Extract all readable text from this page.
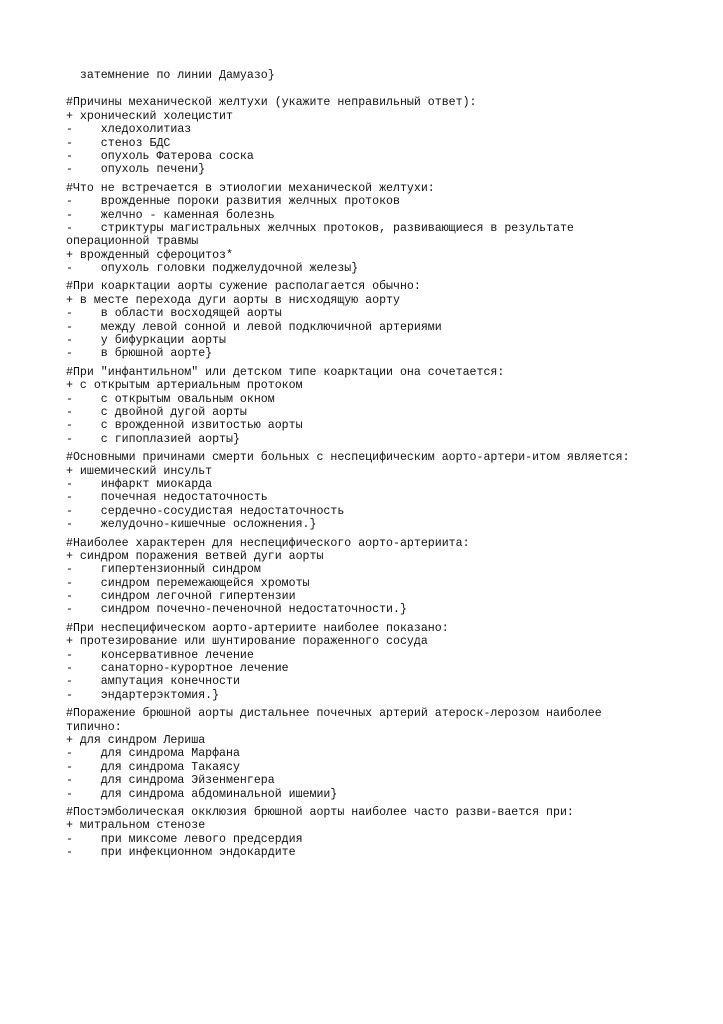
затемнение по линии Дамуазо}
#Причины механической желтухи (укажите неправильный ответ):
+ хронический холецистит
-    хледохолитиаз
-    стеноз БДС
-    опухоль Фатерова соска
-    опухоль печени}
#Что не встречается в этиологии механической желтухи:
-    врожденные пороки развития желчных протоков
-    желчно - каменная болезнь
-    стриктуры магистральных желчных протоков, развивающиеся в результате
операционной травмы
+ врожденный сфероцитоз*
-    опухоль головки поджелудочной железы}
#При коарктации аорты сужение располагается обычно:
+ в месте перехода дуги аорты в нисходящую аорту
-    в области восходящей аорты
-    между левой сонной и левой подключичной артериями
-    у бифуркации аорты
-    в брюшной аорте}
#При "инфантильном" или детском типе коарктации она сочетается:
+ с открытым артериальным протоком
-    с открытым овальным окном
-    с двойной дугой аорты
-    с врожденной извитостью аорты
-    с гипоплазией аорты}
#Основными причинами смерти больных с неспецифическим аорто-артери-итом является:
+ ишемический инсульт
-    инфаркт миокарда
-    почечная недостаточность
-    сердечно-сосудистая недостаточность
-    желудочно-кишечные осложнения.}
#Наиболее характерен для неспецифического аорто-артериита:
+ синдром поражения ветвей дуги аорты
-    гипертензионный синдром
-    синдром перемежающейся хромоты
-    синдром легочной гипертензии
-    синдром почечно-печеночной недостаточности.}
#При неспецифическом аорто-артериите наиболее показано:
+ протезирование или шунтирование пораженного сосуда
-    консервативное лечение
-    санаторно-курортное лечение
-    ампутация конечности
-    эндартерэктомия.}
#Поражение брюшной аорты дистальнее почечных артерий атероск-лерозом наиболее
типично:
+ для синдром Лериша
-    для синдрома Марфана
-    для синдрома Такаясу
-    для синдрома Эйзенменгера
-    для синдрома абдоминальной ишемии}
#Постэмболическая окклюзия брюшной аорты наиболее часто разви-вается при:
+ митральном стенозе
-    при миксоме левого предсердия
-    при инфекционном эндокардите
